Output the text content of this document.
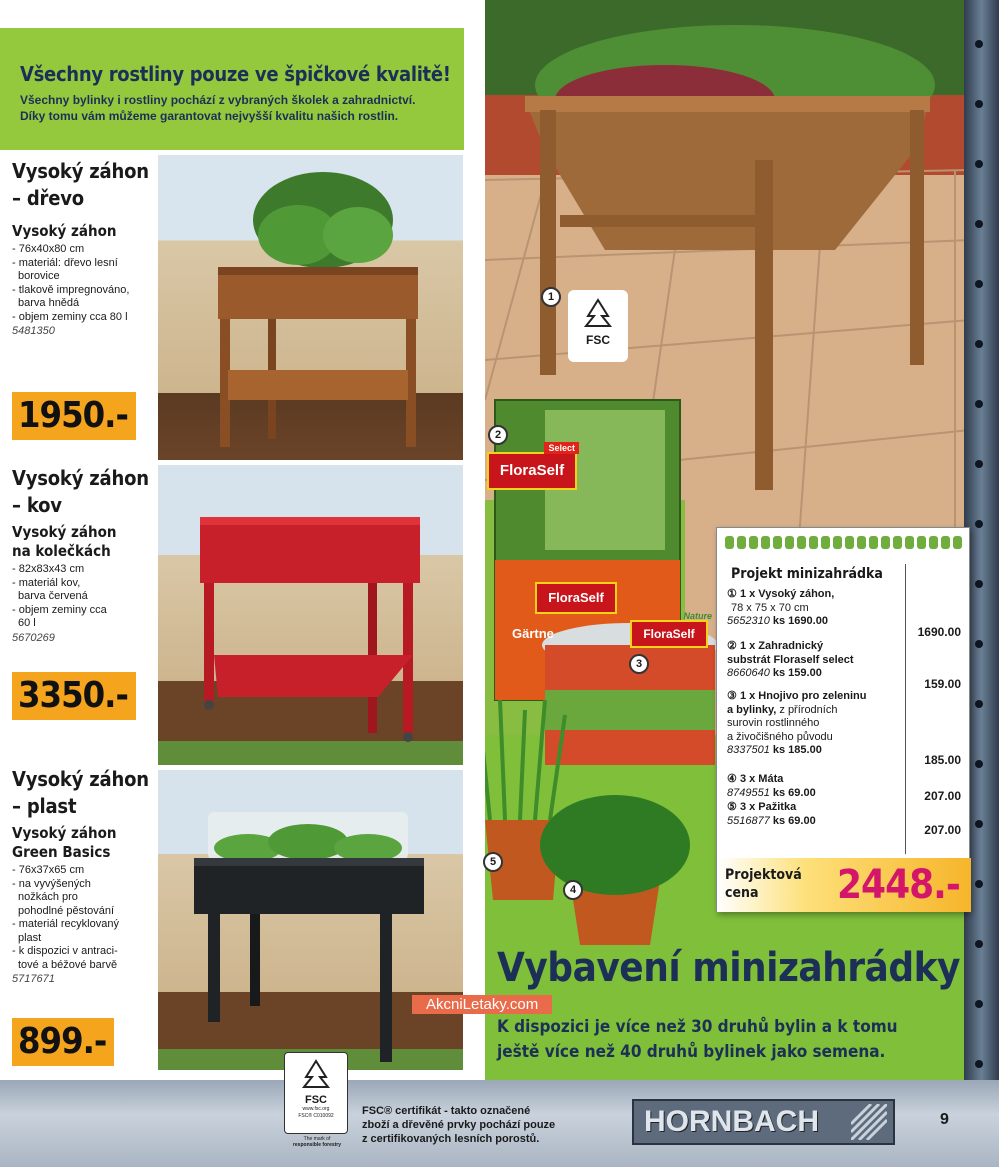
Všechny rostliny pouze ve špičkové kvalitě!
Všechny bylinky i rostliny pochází z vybraných školek a zahradnictví.
Díky tomu vám můžeme garantovat nejvyšší kvalitu našich rostlin.
Vysoký záhon
– dřevo
Vysoký záhon
- 76x40x80 cm
- materiál: dřevo lesní
borovice
- tlakově impregnováno,
barva hnědá
- objem zeminy cca 80 l
5481350
1950.-
Vysoký záhon
– kov
Vysoký záhon
na kolečkách
- 82x83x43 cm
- materiál kov,
barva červená
- objem zeminy cca
60 l
5670269
3350.-
Vysoký záhon
– plast
Vysoký záhon
Green Basics
- 76x37x65 cm
- na vyvýšených
nožkách pro
pohodlné pěstování
- materiál recyklovaný
plast
- k dispozici v antraci-
tové a béžové barvě
5717671
899.-
1
FSC
2
FloraSelf
Select
FloraSelf
Gärtne	FloraSelf
Nature
3
5
4
Projekt minizahrádka
① 1 x Vysoký záhon,
78 x 75 x 70 cm
5652310 ks 1690.00
1690.00
② 1 x Zahradnický
substrát Floraself select
8660640 ks 159.00
159.00
③ 1 x Hnojivo pro zeleninu
a bylinky, z přírodních
surovin rostlinného
a živočišného původu
8337501 ks 185.00
185.00
④ 3 x Máta
8749551 ks 69.00	207.00
⑤ 3 x Pažitka
5516877 ks 69.00
207.00
Projektová
cena	2448.-
Vybavení minizahrádky
K dispozici je více než 30 druhů bylin a k tomu
ještě více než 40 druhů bylinek jako semena.
AkcniLetaky.com
FSC
www.fsc.org
FSC® C010092
The mark of
responsible forestry
FSC® certifikát - takto označené
zboží a dřevěné prvky pochází pouze
z certifikovaných lesních porostů.
HORNBACH	9
